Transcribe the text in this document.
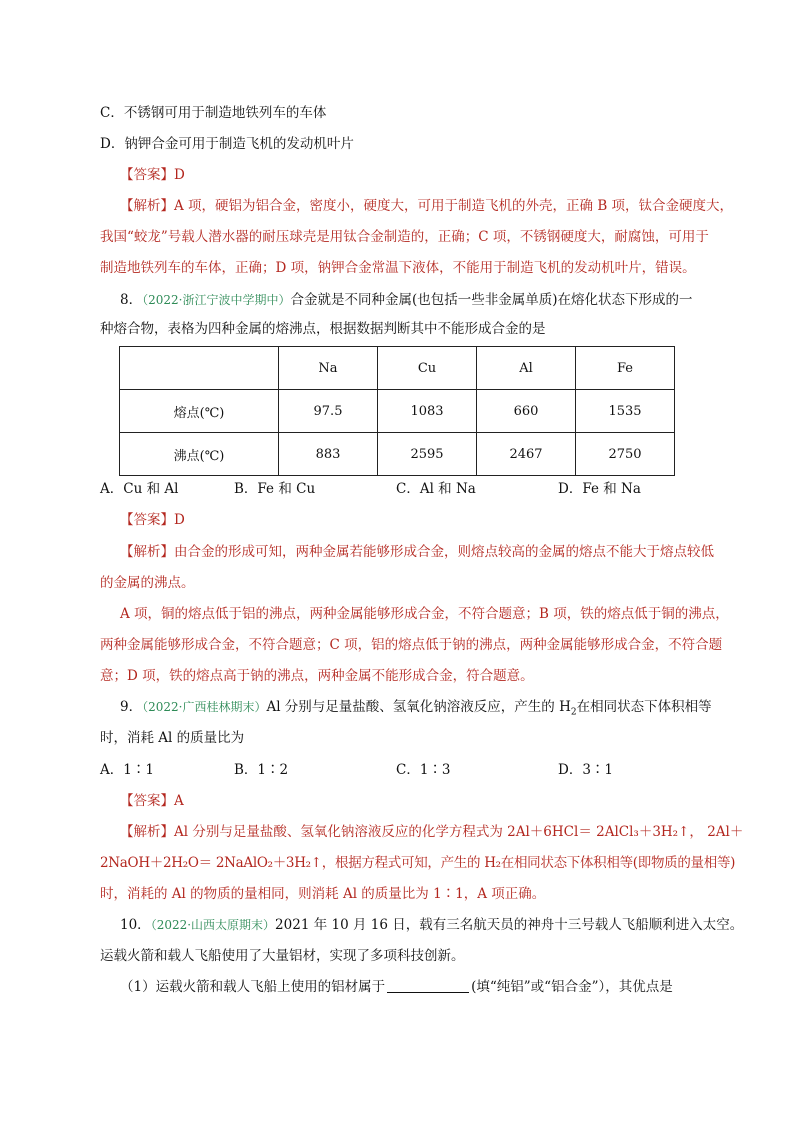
C．不锈钢可用于制造地铁列车的车体
D．钠钾合金可用于制造飞机的发动机叶片
【答案】D
【解析】A 项，硬铝为铝合金，密度小，硬度大，可用于制造飞机的外壳，正确 B 项，钛合金硬度大，
我国“蛟龙”号载人潜水器的耐压球壳是用钛合金制造的，正确；C 项，不锈钢硬度大，耐腐蚀，可用于
制造地铁列车的车体，正确；D 项，钠钾合金常温下液体，不能用于制造飞机的发动机叶片，错误。
8．（2022·浙江宁波中学期中）合金就是不同种金属(也包括一些非金属单质)在熔化状态下形成的一
种熔合物，表格为四种金属的熔沸点，根据数据判断其中不能形成合金的是
	Na	Cu	Al	Fe
熔点(℃)	97.5	1083	660	1535
沸点(℃)	883	2595	2467	2750
A．Cu 和 Al	B．Fe 和 Cu	C．Al 和 Na	D．Fe 和 Na
【答案】D
【解析】由合金的形成可知，两种金属若能够形成合金，则熔点较高的金属的熔点不能大于熔点较低
的金属的沸点。
A 项，铜的熔点低于铝的沸点，两种金属能够形成合金，不符合题意；B 项，铁的熔点低于铜的沸点，
两种金属能够形成合金，不符合题意；C 项，铝的熔点低于钠的沸点，两种金属能够形成合金，不符合题
意；D 项，铁的熔点高于钠的沸点，两种金属不能形成合金，符合题意。
9．（2022·广西桂林期末）Al 分别与足量盐酸、氢氧化钠溶液反应，产生的 $H_2$在相同状态下体积相等
时，消耗 Al 的质量比为
A．1∶1	B．1∶2	C．1∶3	D．3∶1
【答案】A
【解析】Al 分别与足量盐酸、氢氧化钠溶液反应的化学方程式为 2Al＋6HCl＝ 2AlCl₃＋3H₂↑， 2Al＋
2NaOH＋2H₂O＝ 2NaAlO₂＋3H₂↑，根据方程式可知，产生的 H₂在相同状态下体积相等(即物质的量相等)
时，消耗的 Al 的物质的量相同，则消耗 Al 的质量比为 1∶1，A 项正确。
10．（2022·山西太原期末）2021 年 10 月 16 日，载有三名航天员的神舟十三号载人飞船顺利进入太空。
运载火箭和载人飞船使用了大量铝材，实现了多项科技创新。
（1）运载火箭和载人飞船上使用的铝材属于	(填“纯铝”或“铝合金”），其优点是
